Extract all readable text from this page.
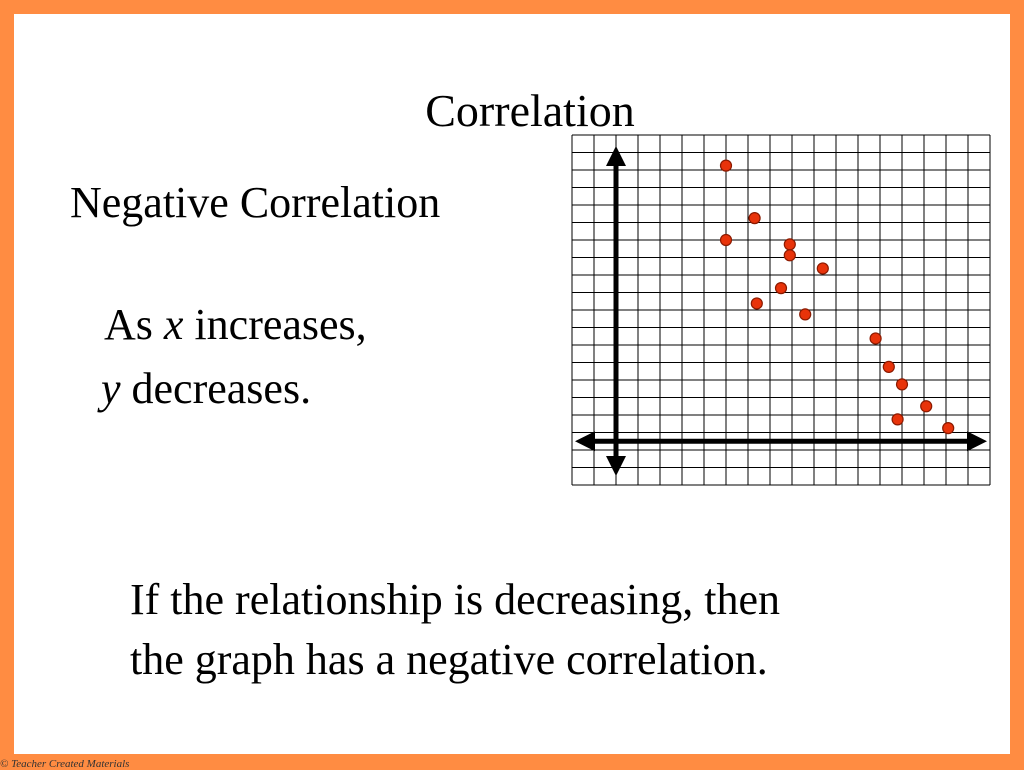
Correlation
Negative Correlation
As x increases,
y decreases.
If the relationship is decreasing, then
the graph has a negative correlation.
© Teacher Created Materials
